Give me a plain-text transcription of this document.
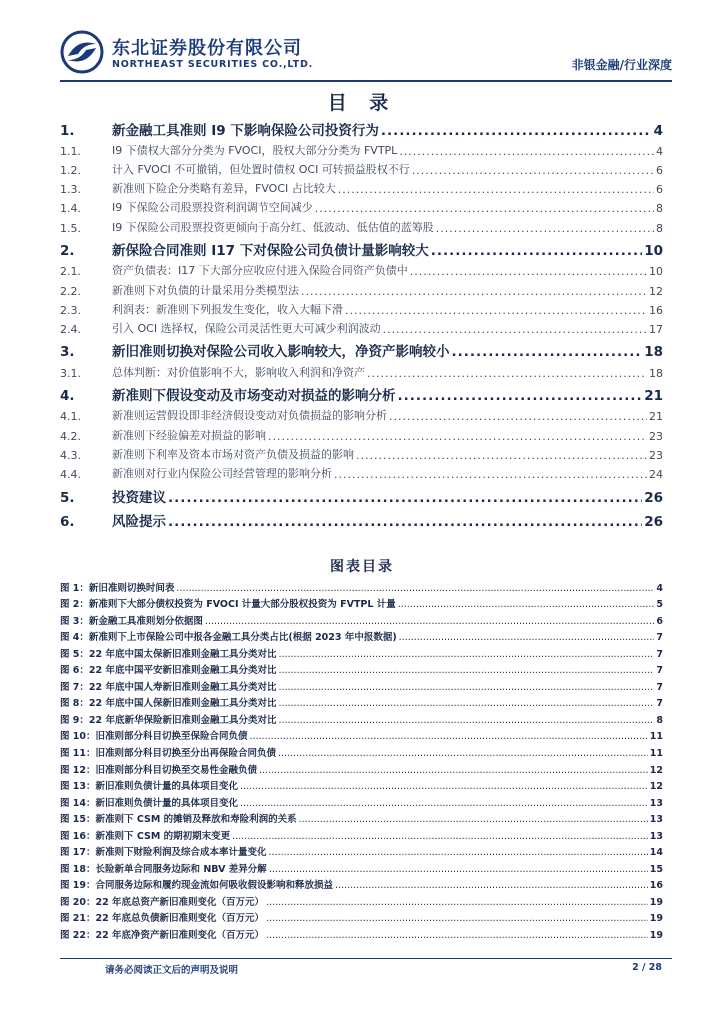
东北证券股份有限公司
NORTHEAST SECURITIES CO.,LTD.	非银金融/行业深度
目 录
1.	新金融工具准则 I9 下影响保险公司投资行为 .....	4
1.1.	I9 下债权大部分分类为 FVOCI，股权大部分分类为 FVTPL .....	4
1.2.	计入 FVOCI 不可撤销，但处置时债权 OCI 可转损益股权不行 .....	6
1.3.	新准则下险企分类略有差异，FVOCI 占比较大 .....	6
1.4.	I9 下保险公司股票投资利润调节空间减少 .....	8
1.5.	I9 下保险公司股票投资更倾向于高分红、低波动、低估值的蓝筹股 .....	8
2.	新保险合同准则 I17 下对保险公司负债计量影响较大 .....	10
2.1.	资产负债表：I17 下大部分应收应付进入保险合同资产负债中 .....	10
2.2.	新准则下对负债的计量采用分类模型法 .....	12
2.3.	利润表：新准则下列报发生变化，收入大幅下滑 .....	16
2.4.	引入 OCI 选择权，保险公司灵活性更大可减少利润波动 .....	17
3.	新旧准则切换对保险公司收入影响较大，净资产影响较小 .....	18
3.1.	总体判断：对价值影响不大，影响收入利润和净资产 .....	18
4.	新准则下假设变动及市场变动对损益的影响分析 .....	21
4.1.	新准则运营假设即非经济假设变动对负债损益的影响分析 .....	21
4.2.	新准则下经验偏差对损益的影响 .....	23
4.3.	新准则下利率及资本市场对资产负债及损益的影响 .....	23
4.4.	新准则对行业内保险公司经营管理的影响分析 .....	24
5.	投资建议 .....	26
6.	风险提示 .....	26
图表目录
图 1：新旧准则切换时间表 .....	4
图 2：新准则下大部分债权投资为 FVOCI 计量大部分股权投资为 FVTPL 计量 .....	5
图 3：新金融工具准则划分依据图 .....	6
图 4：新准则下上市保险公司中报各金融工具分类占比(根据 2023 年中报数据) .....	7
图 5：22 年底中国太保新旧准则金融工具分类对比 .....	7
图 6：22 年底中国平安新旧准则金融工具分类对比 .....	7
图 7：22 年底中国人寿新旧准则金融工具分类对比 .....	7
图 8：22 年底中国人保新旧准则金融工具分类对比 .....	7
图 9：22 年底新华保险新旧准则金融工具分类对比 .....	8
图 10：旧准则部分科目切换至保险合同负债 .....	11
图 11：旧准则部分科目切换至分出再保险合同负债 .....	11
图 12：旧准则部分科目切换至交易性金融负债 .....	12
图 13：新旧准则负债计量的具体项目变化 .....	12
图 14：新旧准则负债计量的具体项目变化 .....	13
图 15：新准则下 CSM 的摊销及释放和寿险利润的关系 .....	13
图 16：新准则下 CSM 的期初期末变更 .....	13
图 17：新准则下财险利润及综合成本率计量变化 .....	14
图 18：长险新单合同服务边际和 NBV 差异分解 .....	15
图 19：合同服务边际和履约现金流如何吸收假设影响和释放损益 .....	16
图 20：22 年底总资产新旧准则变化（百万元） .....	19
图 21：22 年底总负债新旧准则变化（百万元） .....	19
图 22：22 年底净资产新旧准则变化（百万元） .....	19
请务必阅读正文后的声明及说明	2 / 28
